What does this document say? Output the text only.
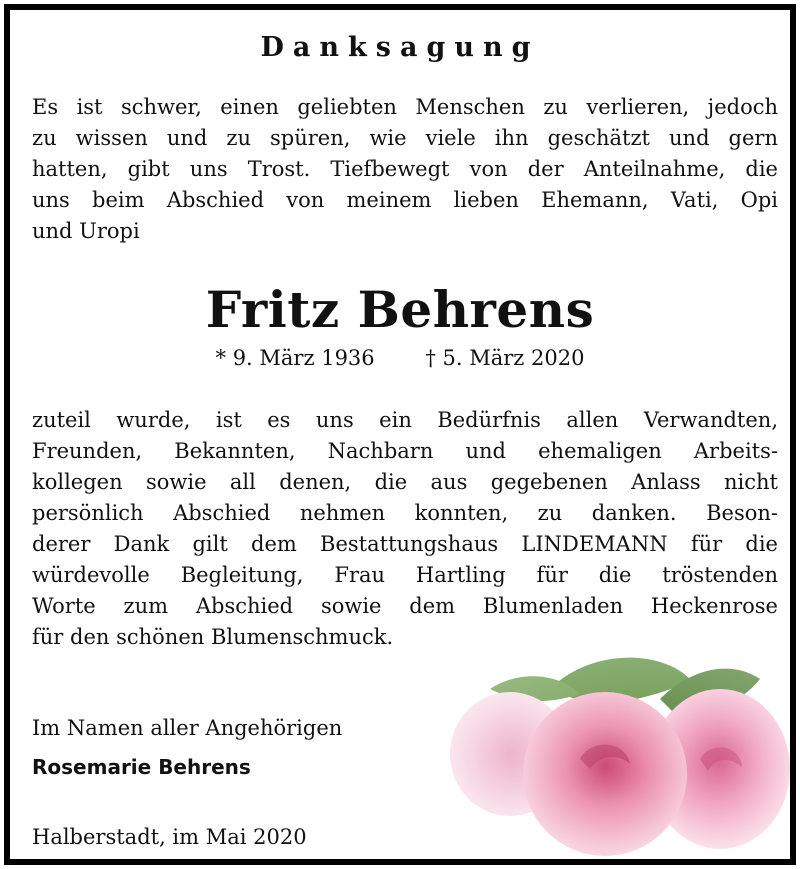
Danksagung
Es ist schwer, einen geliebten Menschen zu verlieren, jedoch
zu wissen und zu spüren, wie viele ihn geschätzt und gern
hatten, gibt uns Trost. Tiefbewegt von der Anteilnahme, die
uns beim Abschied von meinem lieben Ehemann, Vati, Opi
und Uropi
Fritz Behrens
* 9. März 1936 † 5. März 2020
zuteil wurde, ist es uns ein Bedürfnis allen Verwandten,
Freunden, Bekannten, Nachbarn und ehemaligen Arbeits-
kollegen sowie all denen, die aus gegebenen Anlass nicht
persönlich Abschied nehmen konnten, zu danken. Beson-
derer Dank gilt dem Bestattungshaus LINDEMANN für die
würdevolle Begleitung, Frau Hartling für die tröstenden
Worte zum Abschied sowie dem Blumenladen Heckenrose
für den schönen Blumenschmuck.
Im Namen aller Angehörigen
Rosemarie Behrens
Halberstadt, im Mai 2020
